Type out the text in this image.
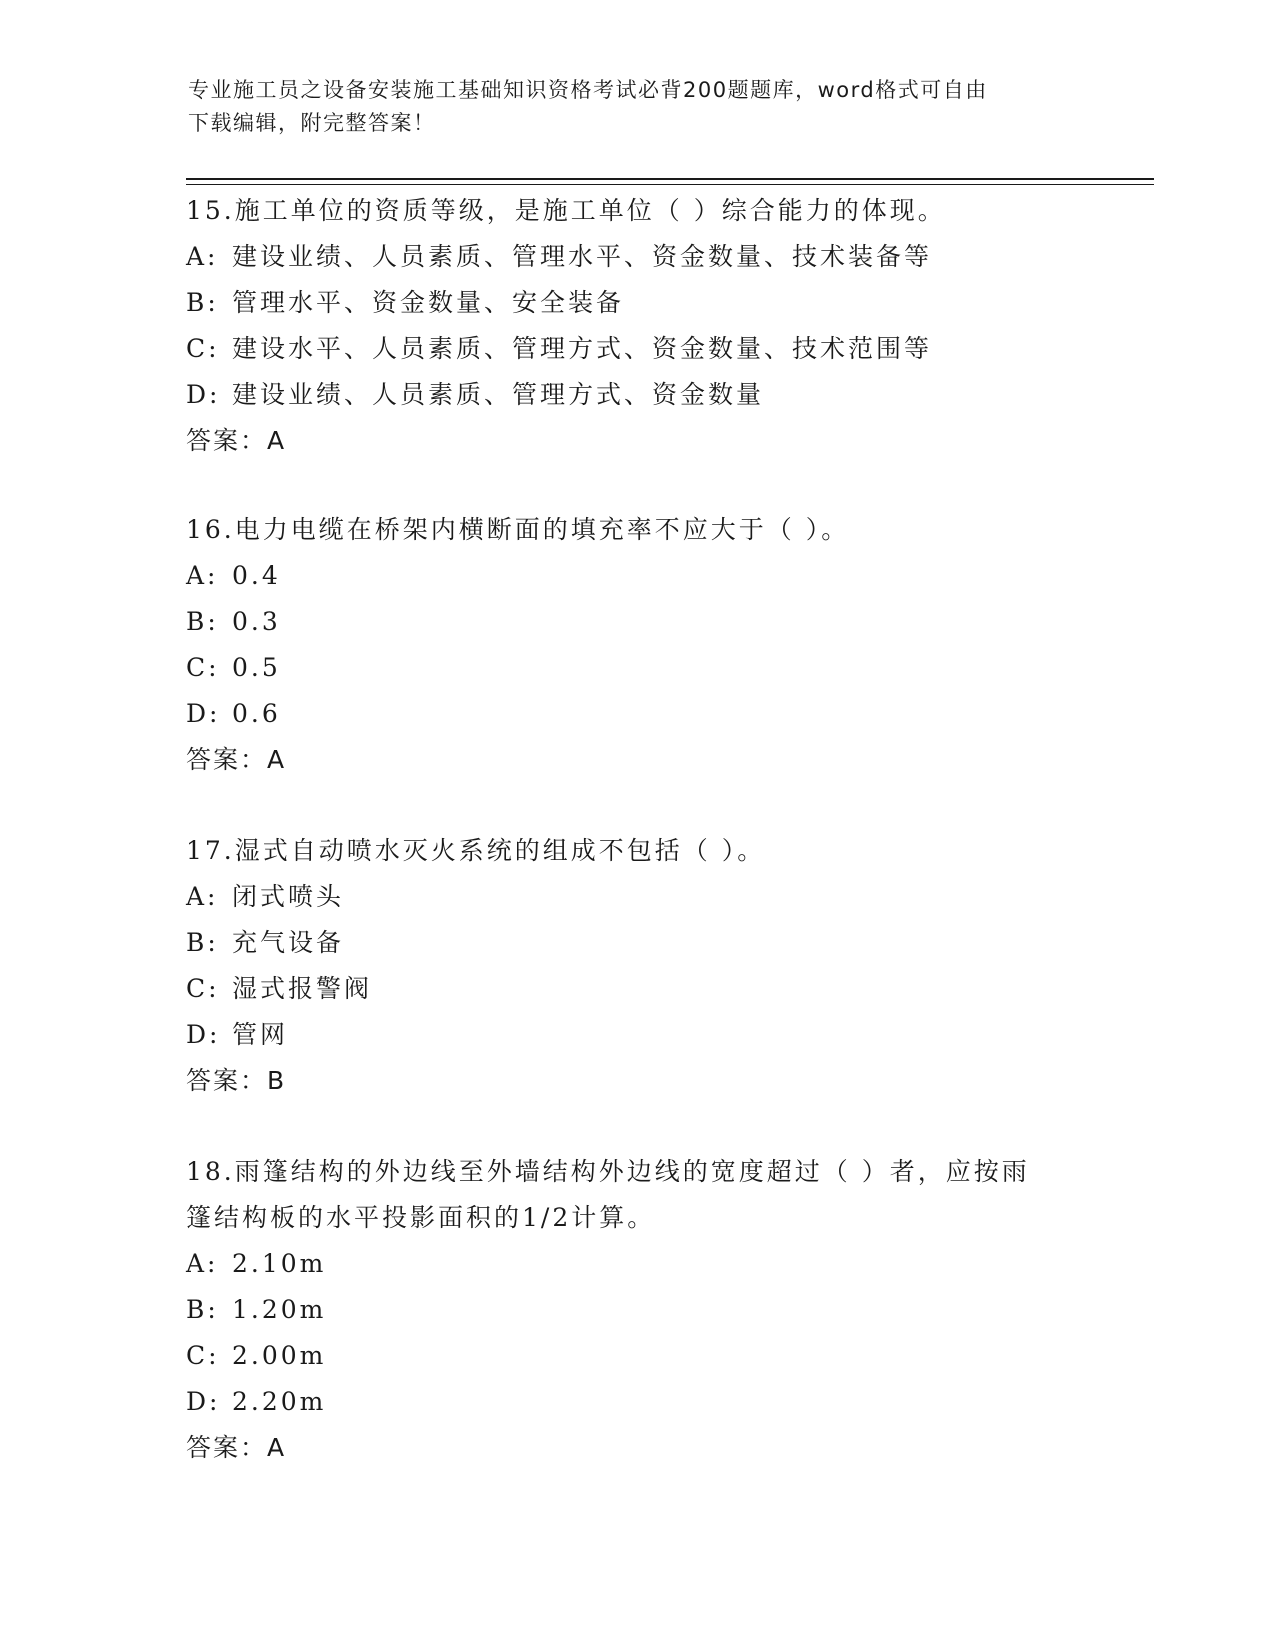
专业施工员之设备安装施工基础知识资格考试必背200题题库，word格式可自由
下载编辑，附完整答案！
15.施工单位的资质等级，是施工单位（ ）综合能力的体现。
A: 建设业绩、人员素质、管理水平、资金数量、技术装备等
B: 管理水平、资金数量、安全装备
C: 建设水平、人员素质、管理方式、资金数量、技术范围等
D: 建设业绩、人员素质、管理方式、资金数量
答案：A
16.电力电缆在桥架内横断面的填充率不应大于（ ）。
A: 0.4
B: 0.3
C: 0.5
D: 0.6
答案：A
17.湿式自动喷水灭火系统的组成不包括（ ）。
A: 闭式喷头
B: 充气设备
C: 湿式报警阀
D: 管网
答案：B
18.雨篷结构的外边线至外墙结构外边线的宽度超过（ ）者，应按雨
篷结构板的水平投影面积的1/2计算。
A: 2.10m
B: 1.20m
C: 2.00m
D: 2.20m
答案：A
